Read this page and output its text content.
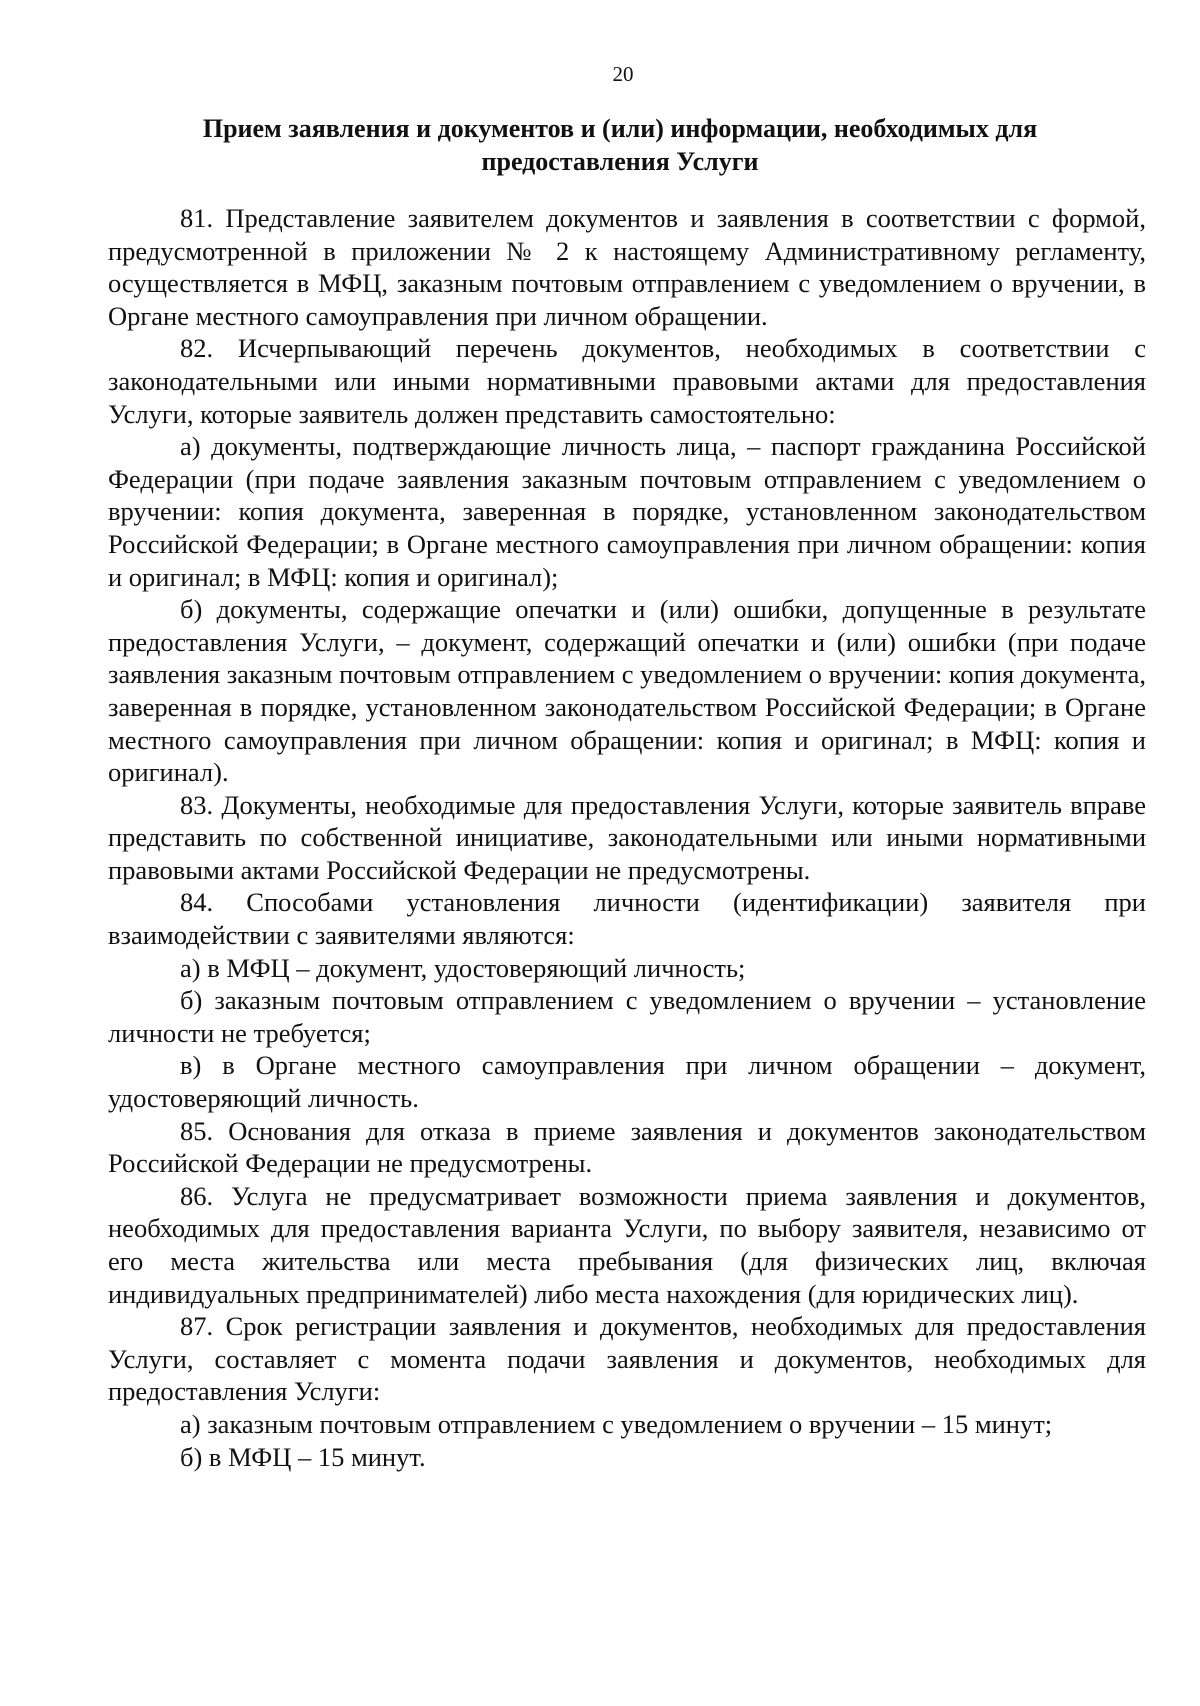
20
Прием заявления и документов и (или) информации, необходимых для предоставления Услуги

81. Представление заявителем документов и заявления в соответствии с формой, предусмотренной в приложении № 2 к настоящему Административному регламенту, осуществляется в МФЦ, заказным почтовым отправлением с уведомлением о вручении, в Органе местного самоуправления при личном обращении.

82. Исчерпывающий перечень документов, необходимых в соответствии с законодательными или иными нормативными правовыми актами для предоставления Услуги, которые заявитель должен представить самостоятельно:

а) документы, подтверждающие личность лица, – паспорт гражданина Российской Федерации (при подаче заявления заказным почтовым отправлением с уведомлением о вручении: копия документа, заверенная в порядке, установленном законодательством Российской Федерации; в Органе местного самоуправления при личном обращении: копия и оригинал; в МФЦ: копия и оригинал);

б) документы, содержащие опечатки и (или) ошибки, допущенные в результате предоставления Услуги, – документ, содержащий опечатки и (или) ошибки (при подаче заявления заказным почтовым отправлением с уведомлением о вручении: копия документа, заверенная в порядке, установленном законодательством Российской Федерации; в Органе местного самоуправления при личном обращении: копия и оригинал; в МФЦ: копия и оригинал).

83. Документы, необходимые для предоставления Услуги, которые заявитель вправе представить по собственной инициативе, законодательными или иными нормативными правовыми актами Российской Федерации не предусмотрены.

84. Способами установления личности (идентификации) заявителя при взаимодействии с заявителями являются:

а) в МФЦ – документ, удостоверяющий личность;

б) заказным почтовым отправлением с уведомлением о вручении – установление личности не требуется;

в) в Органе местного самоуправления при личном обращении – документ, удостоверяющий личность.

85. Основания для отказа в приеме заявления и документов законодательством Российской Федерации не предусмотрены.

86. Услуга не предусматривает возможности приема заявления и документов, необходимых для предоставления варианта Услуги, по выбору заявителя, независимо от его места жительства или места пребывания (для физических лиц, включая индивидуальных предпринимателей) либо места нахождения (для юридических лиц).

87. Срок регистрации заявления и документов, необходимых для предоставления Услуги, составляет с момента подачи заявления и документов, необходимых для предоставления Услуги:

а) заказным почтовым отправлением с уведомлением о вручении – 15 минут;

б) в МФЦ – 15 минут.
